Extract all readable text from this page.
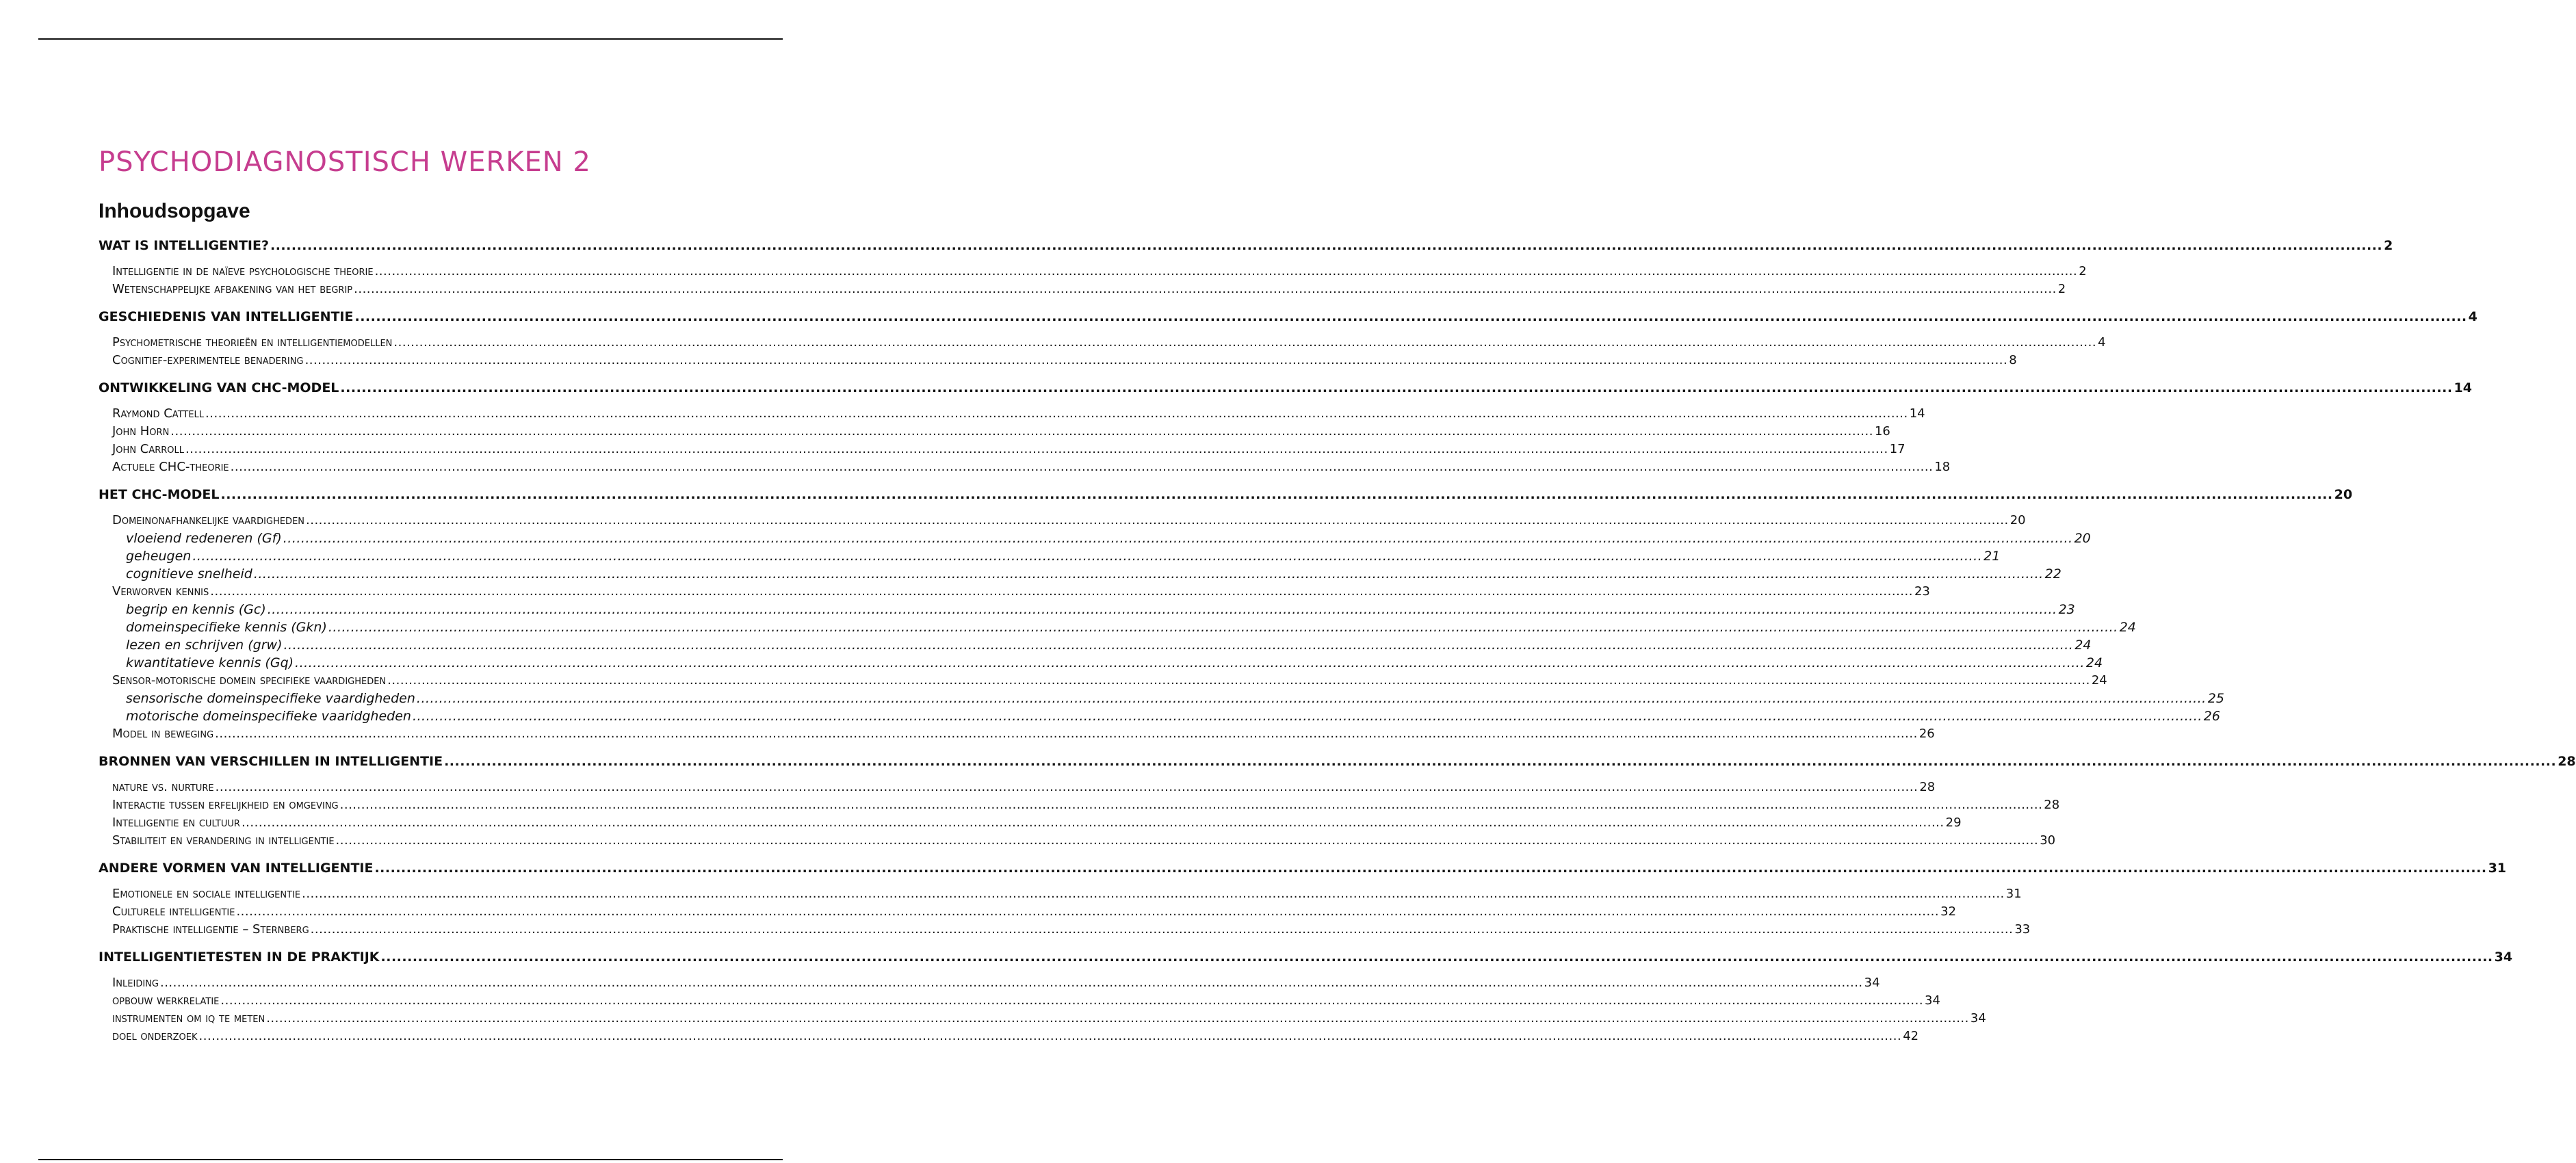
PSYCHODIAGNOSTISCH WERKEN 2
Inhoudsopgave
WAT IS INTELLIGENTIE? ................................................................................................................................................................................................................................................................................................................................................................................................................ 2
Intelligentie in de naïeve psychologische theorie ................................................................................................................................................................................................................................................................................................................................................................................................................ 2
Wetenschappelijke afbakening van het begrip ................................................................................................................................................................................................................................................................................................................................................................................................................ 2
GESCHIEDENIS VAN INTELLIGENTIE ................................................................................................................................................................................................................................................................................................................................................................................................................ 4
Psychometrische theorieën en intelligentiemodellen ................................................................................................................................................................................................................................................................................................................................................................................................................ 4
Cognitief-experimentele benadering ................................................................................................................................................................................................................................................................................................................................................................................................................ 8
ONTWIKKELING VAN CHC-MODEL ................................................................................................................................................................................................................................................................................................................................................................................................................ 14
Raymond Cattell ................................................................................................................................................................................................................................................................................................................................................................................................................ 14
John Horn ................................................................................................................................................................................................................................................................................................................................................................................................................ 16
John Carroll ................................................................................................................................................................................................................................................................................................................................................................................................................ 17
Actuele CHC-theorie ................................................................................................................................................................................................................................................................................................................................................................................................................ 18
HET CHC-MODEL ................................................................................................................................................................................................................................................................................................................................................................................................................ 20
Domeinonafhankelijke vaardigheden ................................................................................................................................................................................................................................................................................................................................................................................................................ 20
vloeiend redeneren (Gf) ................................................................................................................................................................................................................................................................................................................................................................................................................ 20
geheugen ................................................................................................................................................................................................................................................................................................................................................................................................................ 21
cognitieve snelheid ................................................................................................................................................................................................................................................................................................................................................................................................................ 22
Verworven kennis ................................................................................................................................................................................................................................................................................................................................................................................................................ 23
begrip en kennis (Gc) ................................................................................................................................................................................................................................................................................................................................................................................................................ 23
domeinspecifieke kennis (Gkn) ................................................................................................................................................................................................................................................................................................................................................................................................................ 24
lezen en schrijven (grw) ................................................................................................................................................................................................................................................................................................................................................................................................................ 24
kwantitatieve kennis (Gq) ................................................................................................................................................................................................................................................................................................................................................................................................................ 24
Sensor-motorische domein specifieke vaardigheden ................................................................................................................................................................................................................................................................................................................................................................................................................ 24
sensorische domeinspecifieke vaardigheden ................................................................................................................................................................................................................................................................................................................................................................................................................ 25
motorische domeinspecifieke vaaridgheden ................................................................................................................................................................................................................................................................................................................................................................................................................ 26
Model in beweging ................................................................................................................................................................................................................................................................................................................................................................................................................ 26
BRONNEN VAN VERSCHILLEN IN INTELLIGENTIE ................................................................................................................................................................................................................................................................................................................................................................................................................ 28
nature vs. nurture ................................................................................................................................................................................................................................................................................................................................................................................................................ 28
Interactie tussen erfelijkheid en omgeving ................................................................................................................................................................................................................................................................................................................................................................................................................ 28
Intelligentie en cultuur ................................................................................................................................................................................................................................................................................................................................................................................................................ 29
Stabiliteit en verandering in intelligentie ................................................................................................................................................................................................................................................................................................................................................................................................................ 30
ANDERE VORMEN VAN INTELLIGENTIE ................................................................................................................................................................................................................................................................................................................................................................................................................ 31
Emotionele en sociale intelligentie ................................................................................................................................................................................................................................................................................................................................................................................................................ 31
Culturele intelligentie ................................................................................................................................................................................................................................................................................................................................................................................................................ 32
Praktische intelligentie – Sternberg ................................................................................................................................................................................................................................................................................................................................................................................................................ 33
INTELLIGENTIETESTEN IN DE PRAKTIJK ................................................................................................................................................................................................................................................................................................................................................................................................................ 34
Inleiding ................................................................................................................................................................................................................................................................................................................................................................................................................ 34
opbouw werkrelatie ................................................................................................................................................................................................................................................................................................................................................................................................................ 34
instrumenten om iq te meten ................................................................................................................................................................................................................................................................................................................................................................................................................ 34
doel onderzoek ................................................................................................................................................................................................................................................................................................................................................................................................................ 42
